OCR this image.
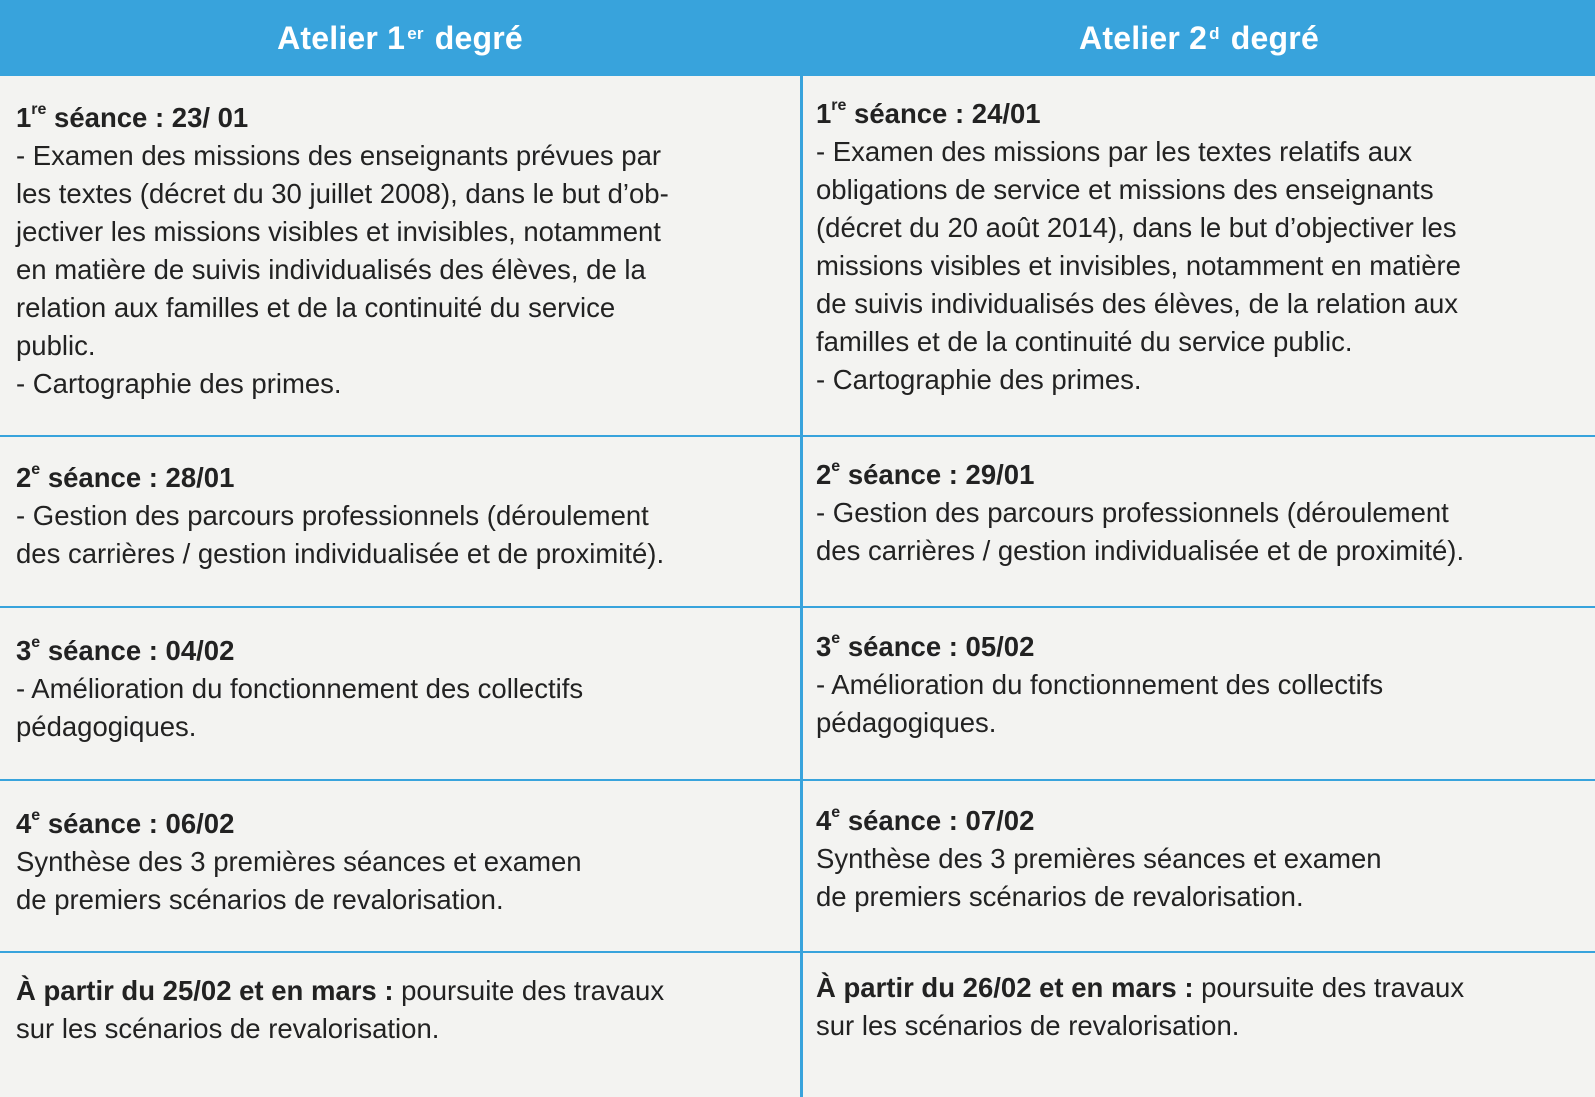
Atelier 1er degré	Atelier 2$^d$ degré
1re séance : 23/ 01
- Examen des missions des enseignants prévues par
les textes (décret du 30 juillet 2008), dans le but d’ob-
jectiver les missions visibles et invisibles, notamment
en matière de suivis individualisés des élèves, de la
relation aux familles et de la continuité du service
public.
- Cartographie des primes.
1re séance : 24/01
- Examen des missions par les textes relatifs aux
obligations de service et missions des enseignants
(décret du 20 août 2014), dans le but d’objectiver les
missions visibles et invisibles, notamment en matière
de suivis individualisés des élèves, de la relation aux
familles et de la continuité du service public.
- Cartographie des primes.
2e séance : 28/01
- Gestion des parcours professionnels (déroulement
des carrières / gestion individualisée et de proximité).
2e séance : 29/01
- Gestion des parcours professionnels (déroulement
des carrières / gestion individualisée et de proximité).
3e séance : 04/02
- Amélioration du fonctionnement des collectifs
pédagogiques.
3e séance : 05/02
- Amélioration du fonctionnement des collectifs
pédagogiques.
4e séance : 06/02
Synthèse des 3 premières séances et examen
de premiers scénarios de revalorisation.
4e séance : 07/02
Synthèse des 3 premières séances et examen
de premiers scénarios de revalorisation.
À partir du 25/02 et en mars : poursuite des travaux
sur les scénarios de revalorisation.
À partir du 26/02 et en mars : poursuite des travaux
sur les scénarios de revalorisation.
